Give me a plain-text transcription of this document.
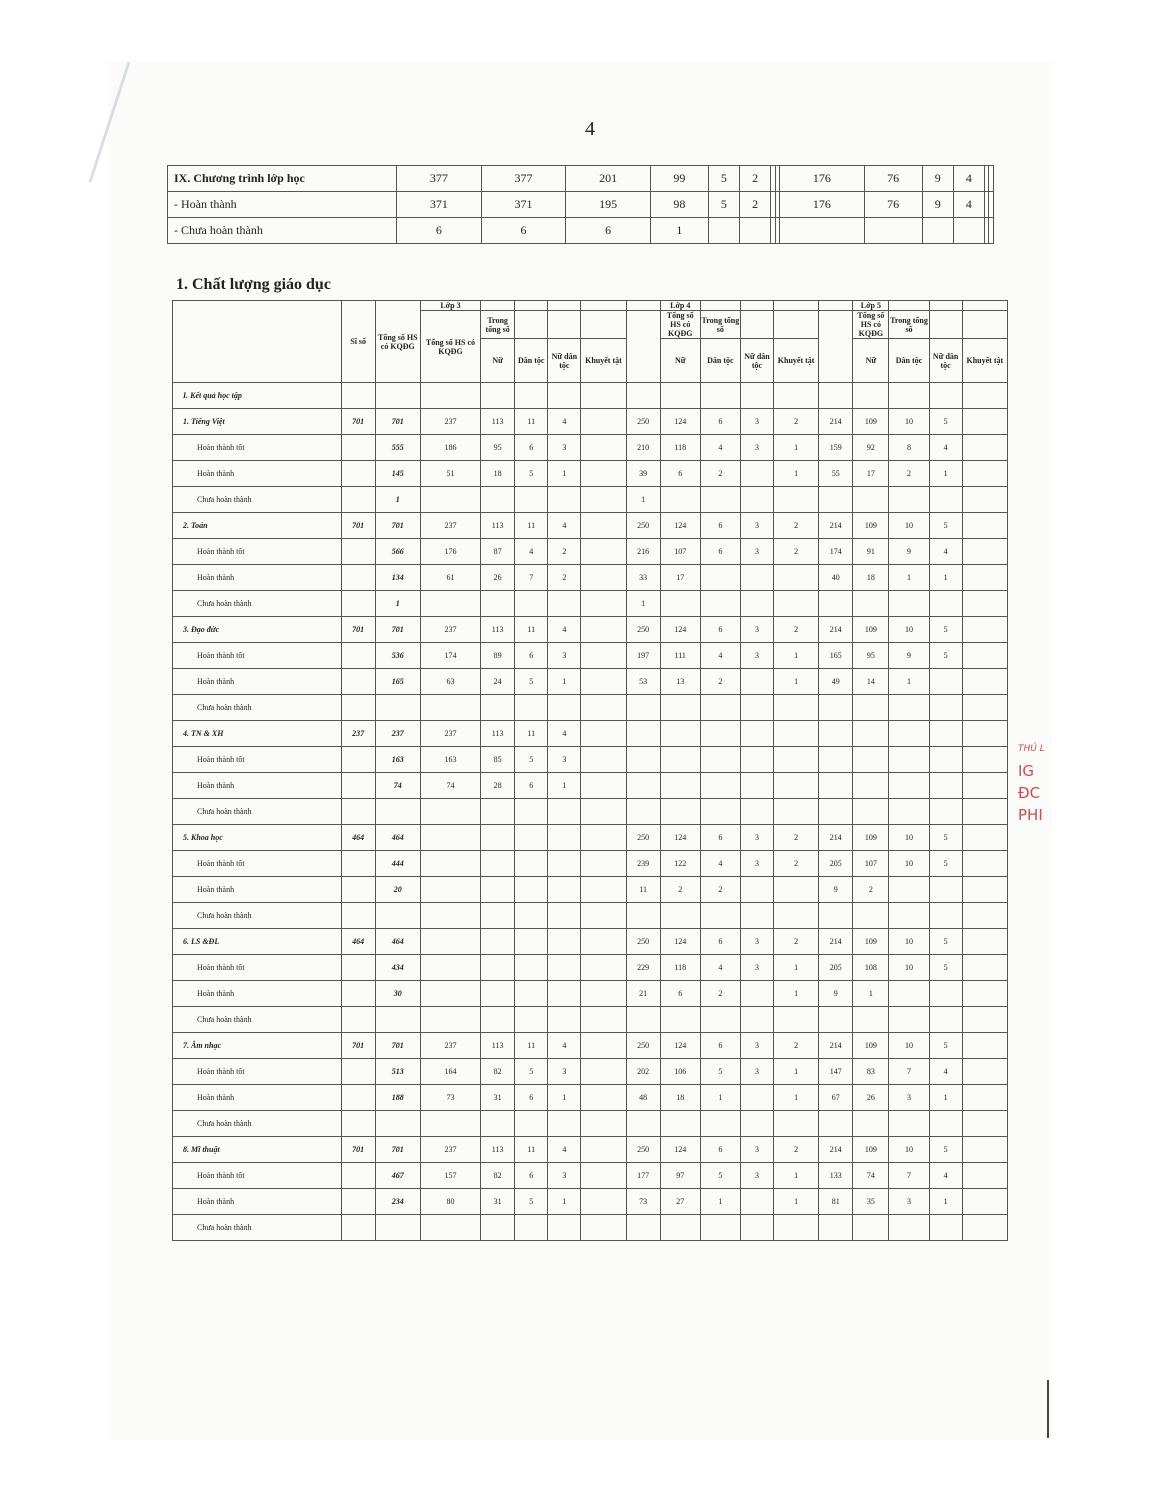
4
IX. Chương trình lớp học	377	377	201	99	5	2			176	76	9	4		
- Hoàn thành	371	371	195	98	5	2			176	76	9	4		
- Chưa hoàn thành	6	6	6	1										
1. Chất lượng giáo dục
	Sĩ số	Tổng số HS có KQĐG	Lớp 3						Lớp 4					Lớp 5			
			Tổng số HS có KQĐG	Trong tổng số					Tổng số HS có KQĐG	Trong tổng số				Tổng số HS có KQĐG	Trong tổng số		
				Nữ	Dân tộc	Nữ dân tộc	Khuyết tật		Nữ	Dân tộc	Nữ dân tộc	Khuyết tật		Nữ	Dân tộc	Nữ dân tộc	Khuyết tật
I. Kết quả học tập																	
1. Tiếng Việt	701	701	237	113	11	4		250	124	6	3	2	214	109	10	5	
Hoàn thành tốt		555	186	95	6	3		210	118	4	3	1	159	92	8	4	
Hoàn thành		145	51	18	5	1		39	6	2		1	55	17	2	1	
Chưa hoàn thành		1						1									
2. Toán	701	701	237	113	11	4		250	124	6	3	2	214	109	10	5	
Hoàn thành tốt		566	176	87	4	2		216	107	6	3	2	174	91	9	4	
Hoàn thành		134	61	26	7	2		33	17				40	18	1	1	
Chưa hoàn thành		1						1									
3. Đạo đức	701	701	237	113	11	4		250	124	6	3	2	214	109	10	5	
Hoàn thành tốt		536	174	89	6	3		197	111	4	3	1	165	95	9	5	
Hoàn thành		165	63	24	5	1		53	13	2		1	49	14	1		
Chưa hoàn thành																	
4. TN & XH	237	237	237	113	11	4											
Hoàn thành tốt		163	163	85	5	3											
Hoàn thành		74	74	28	6	1											
Chưa hoàn thành																	
5. Khoa học	464	464						250	124	6	3	2	214	109	10	5	
Hoàn thành tốt		444						239	122	4	3	2	205	107	10	5	
Hoàn thành		20						11	2	2			9	2			
Chưa hoàn thành																	
6. LS &ĐL	464	464						250	124	6	3	2	214	109	10	5	
Hoàn thành tốt		434						229	118	4	3	1	205	108	10	5	
Hoàn thành		30						21	6	2		1	9	1			
Chưa hoàn thành																	
7. Âm nhạc	701	701	237	113	11	4		250	124	6	3	2	214	109	10	5	
Hoàn thành tốt		513	164	82	5	3		202	106	5	3	1	147	83	7	4	
Hoàn thành		188	73	31	6	1		48	18	1		1	67	26	3	1	
Chưa hoàn thành																	
8. Mĩ thuật	701	701	237	113	11	4		250	124	6	3	2	214	109	10	5	
Hoàn thành tốt		467	157	82	6	3		177	97	5	3	1	133	74	7	4	
Hoàn thành		234	80	31	5	1		73	27	1		1	81	35	3	1	
Chưa hoàn thành																	
THỦ L
IG
ĐC
PHI
